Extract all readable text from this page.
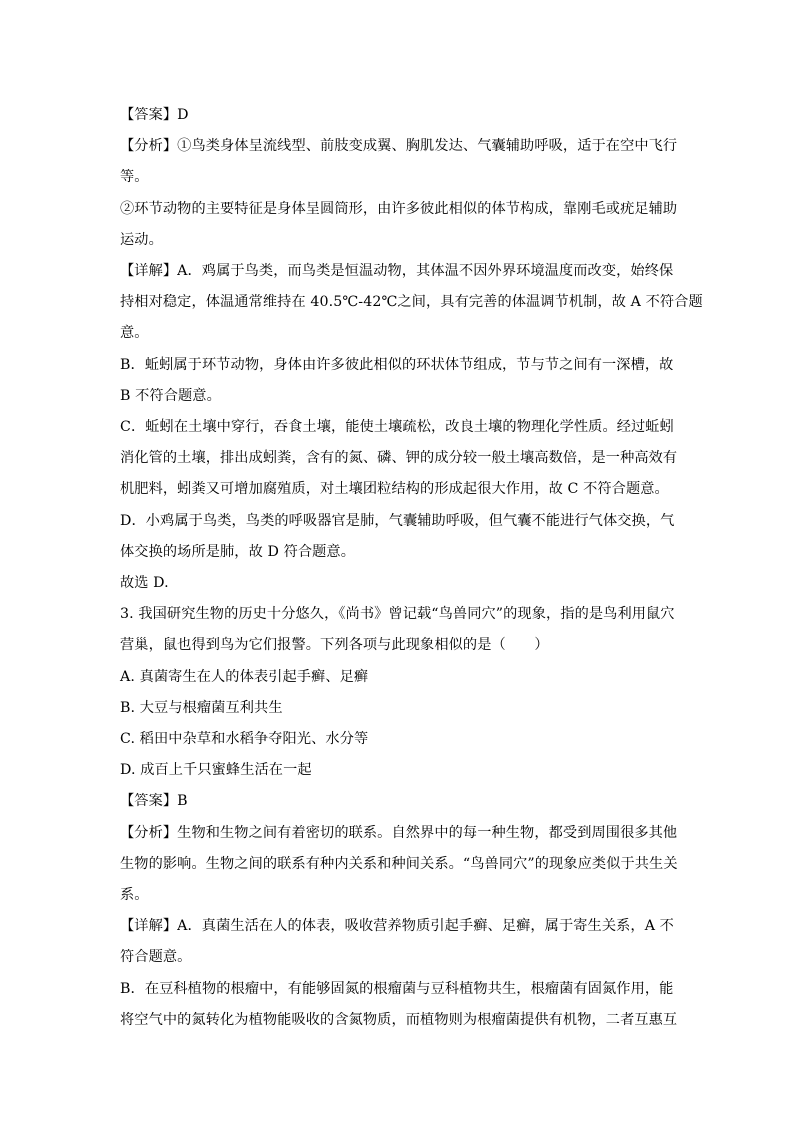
【答案】D
【分析】①鸟类身体呈流线型、前肢变成翼、胸肌发达、气囊辅助呼吸，适于在空中飞行
等。
②环节动物的主要特征是身体呈圆筒形，由许多彼此相似的体节构成，靠刚毛或疣足辅助
运动。
【详解】A．鸡属于鸟类，而鸟类是恒温动物，其体温不因外界环境温度而改变，始终保
持相对稳定，体温通常维持在 40.5℃-42℃之间，具有完善的体温调节机制，故 A 不符合题
意。
B．蚯蚓属于环节动物，身体由许多彼此相似的环状体节组成，节与节之间有一深槽，故
B 不符合题意。
C．蚯蚓在土壤中穿行，吞食土壤，能使土壤疏松，改良土壤的物理化学性质。经过蚯蚓
消化管的土壤，排出成蚓粪，含有的氮、磷、钾的成分较一般土壤高数倍，是一种高效有
机肥料，蚓粪又可增加腐殖质，对土壤团粒结构的形成起很大作用，故 C 不符合题意。
D．小鸡属于鸟类，鸟类的呼吸器官是肺，气囊辅助呼吸，但气囊不能进行气体交换，气
体交换的场所是肺，故 D 符合题意。
故选 D.
3. 我国研究生物的历史十分悠久，《尚书》曾记载“鸟兽同穴”的现象，指的是鸟利用鼠穴
营巢，鼠也得到鸟为它们报警。下列各项与此现象相似的是（　　）
A. 真菌寄生在人的体表引起手癣、足癣
B. 大豆与根瘤菌互利共生
C. 稻田中杂草和水稻争夺阳光、水分等
D. 成百上千只蜜蜂生活在一起
【答案】B
【分析】生物和生物之间有着密切的联系。自然界中的每一种生物，都受到周围很多其他
生物的影响。生物之间的联系有种内关系和种间关系。“鸟兽同穴”的现象应类似于共生关
系。
【详解】A．真菌生活在人的体表，吸收营养物质引起手癣、足癣，属于寄生关系，A 不
符合题意。
B．在豆科植物的根瘤中，有能够固氮的根瘤菌与豆科植物共生，根瘤菌有固氮作用，能
将空气中的氮转化为植物能吸收的含氮物质，而植物则为根瘤菌提供有机物，二者互惠互
